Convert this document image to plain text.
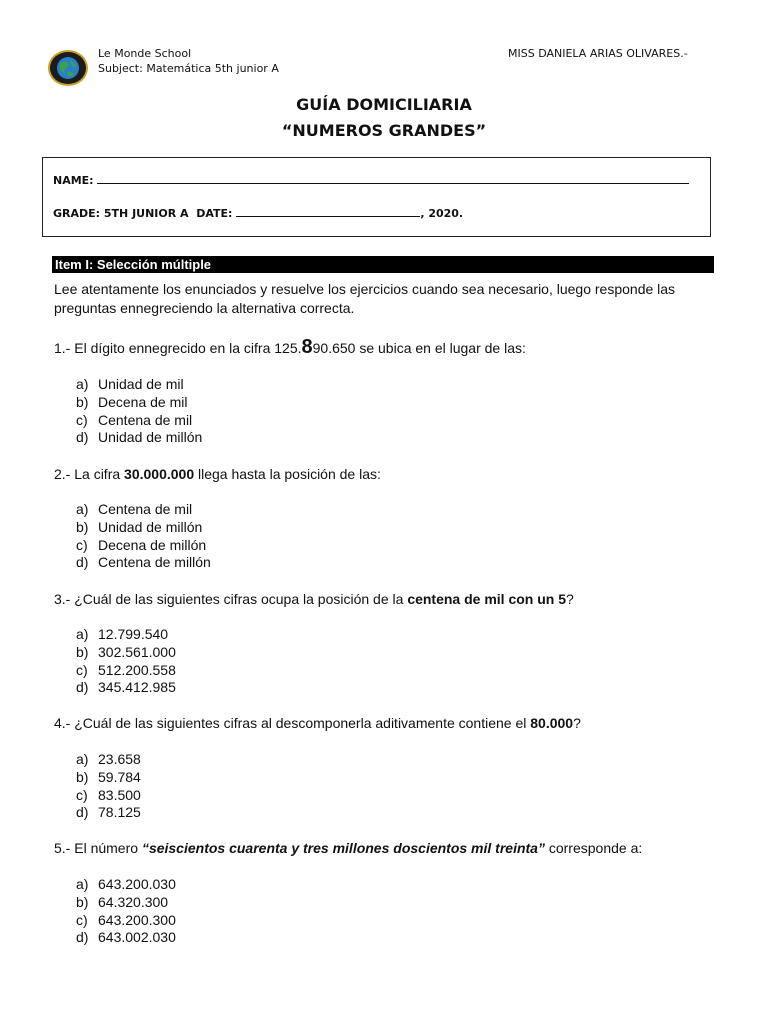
Le Monde School
Subject: Matemática 5th junior A
MISS DANIELA ARIAS OLIVARES.-
GUÍA DOMICILIARIA
“NUMEROS GRANDES”
NAME:
GRADE: 5TH JUNIOR A DATE:	, 2020.
Item I: Selección múltiple
Lee atentamente los enunciados y resuelve los ejercicios cuando sea necesario, luego responde las preguntas ennegreciendo la alternativa correcta.
1.- El dígito ennegrecido en la cifra 125.890.650 se ubica en el lugar de las:
a) Unidad de mil
b) Decena de mil
c) Centena de mil
d) Unidad de millón
2.- La cifra 30.000.000 llega hasta la posición de las:
a) Centena de mil
b) Unidad de millón
c) Decena de millón
d) Centena de millón
3.- ¿Cuál de las siguientes cifras ocupa la posición de la centena de mil con un 5?
a) 12.799.540
b) 302.561.000
c) 512.200.558
d) 345.412.985
4.- ¿Cuál de las siguientes cifras al descomponerla aditivamente contiene el 80.000?
a) 23.658
b) 59.784
c) 83.500
d) 78.125
5.- El número “seiscientos cuarenta y tres millones doscientos mil treinta” corresponde a:
a) 643.200.030
b) 64.320.300
c) 643.200.300
d) 643.002.030
